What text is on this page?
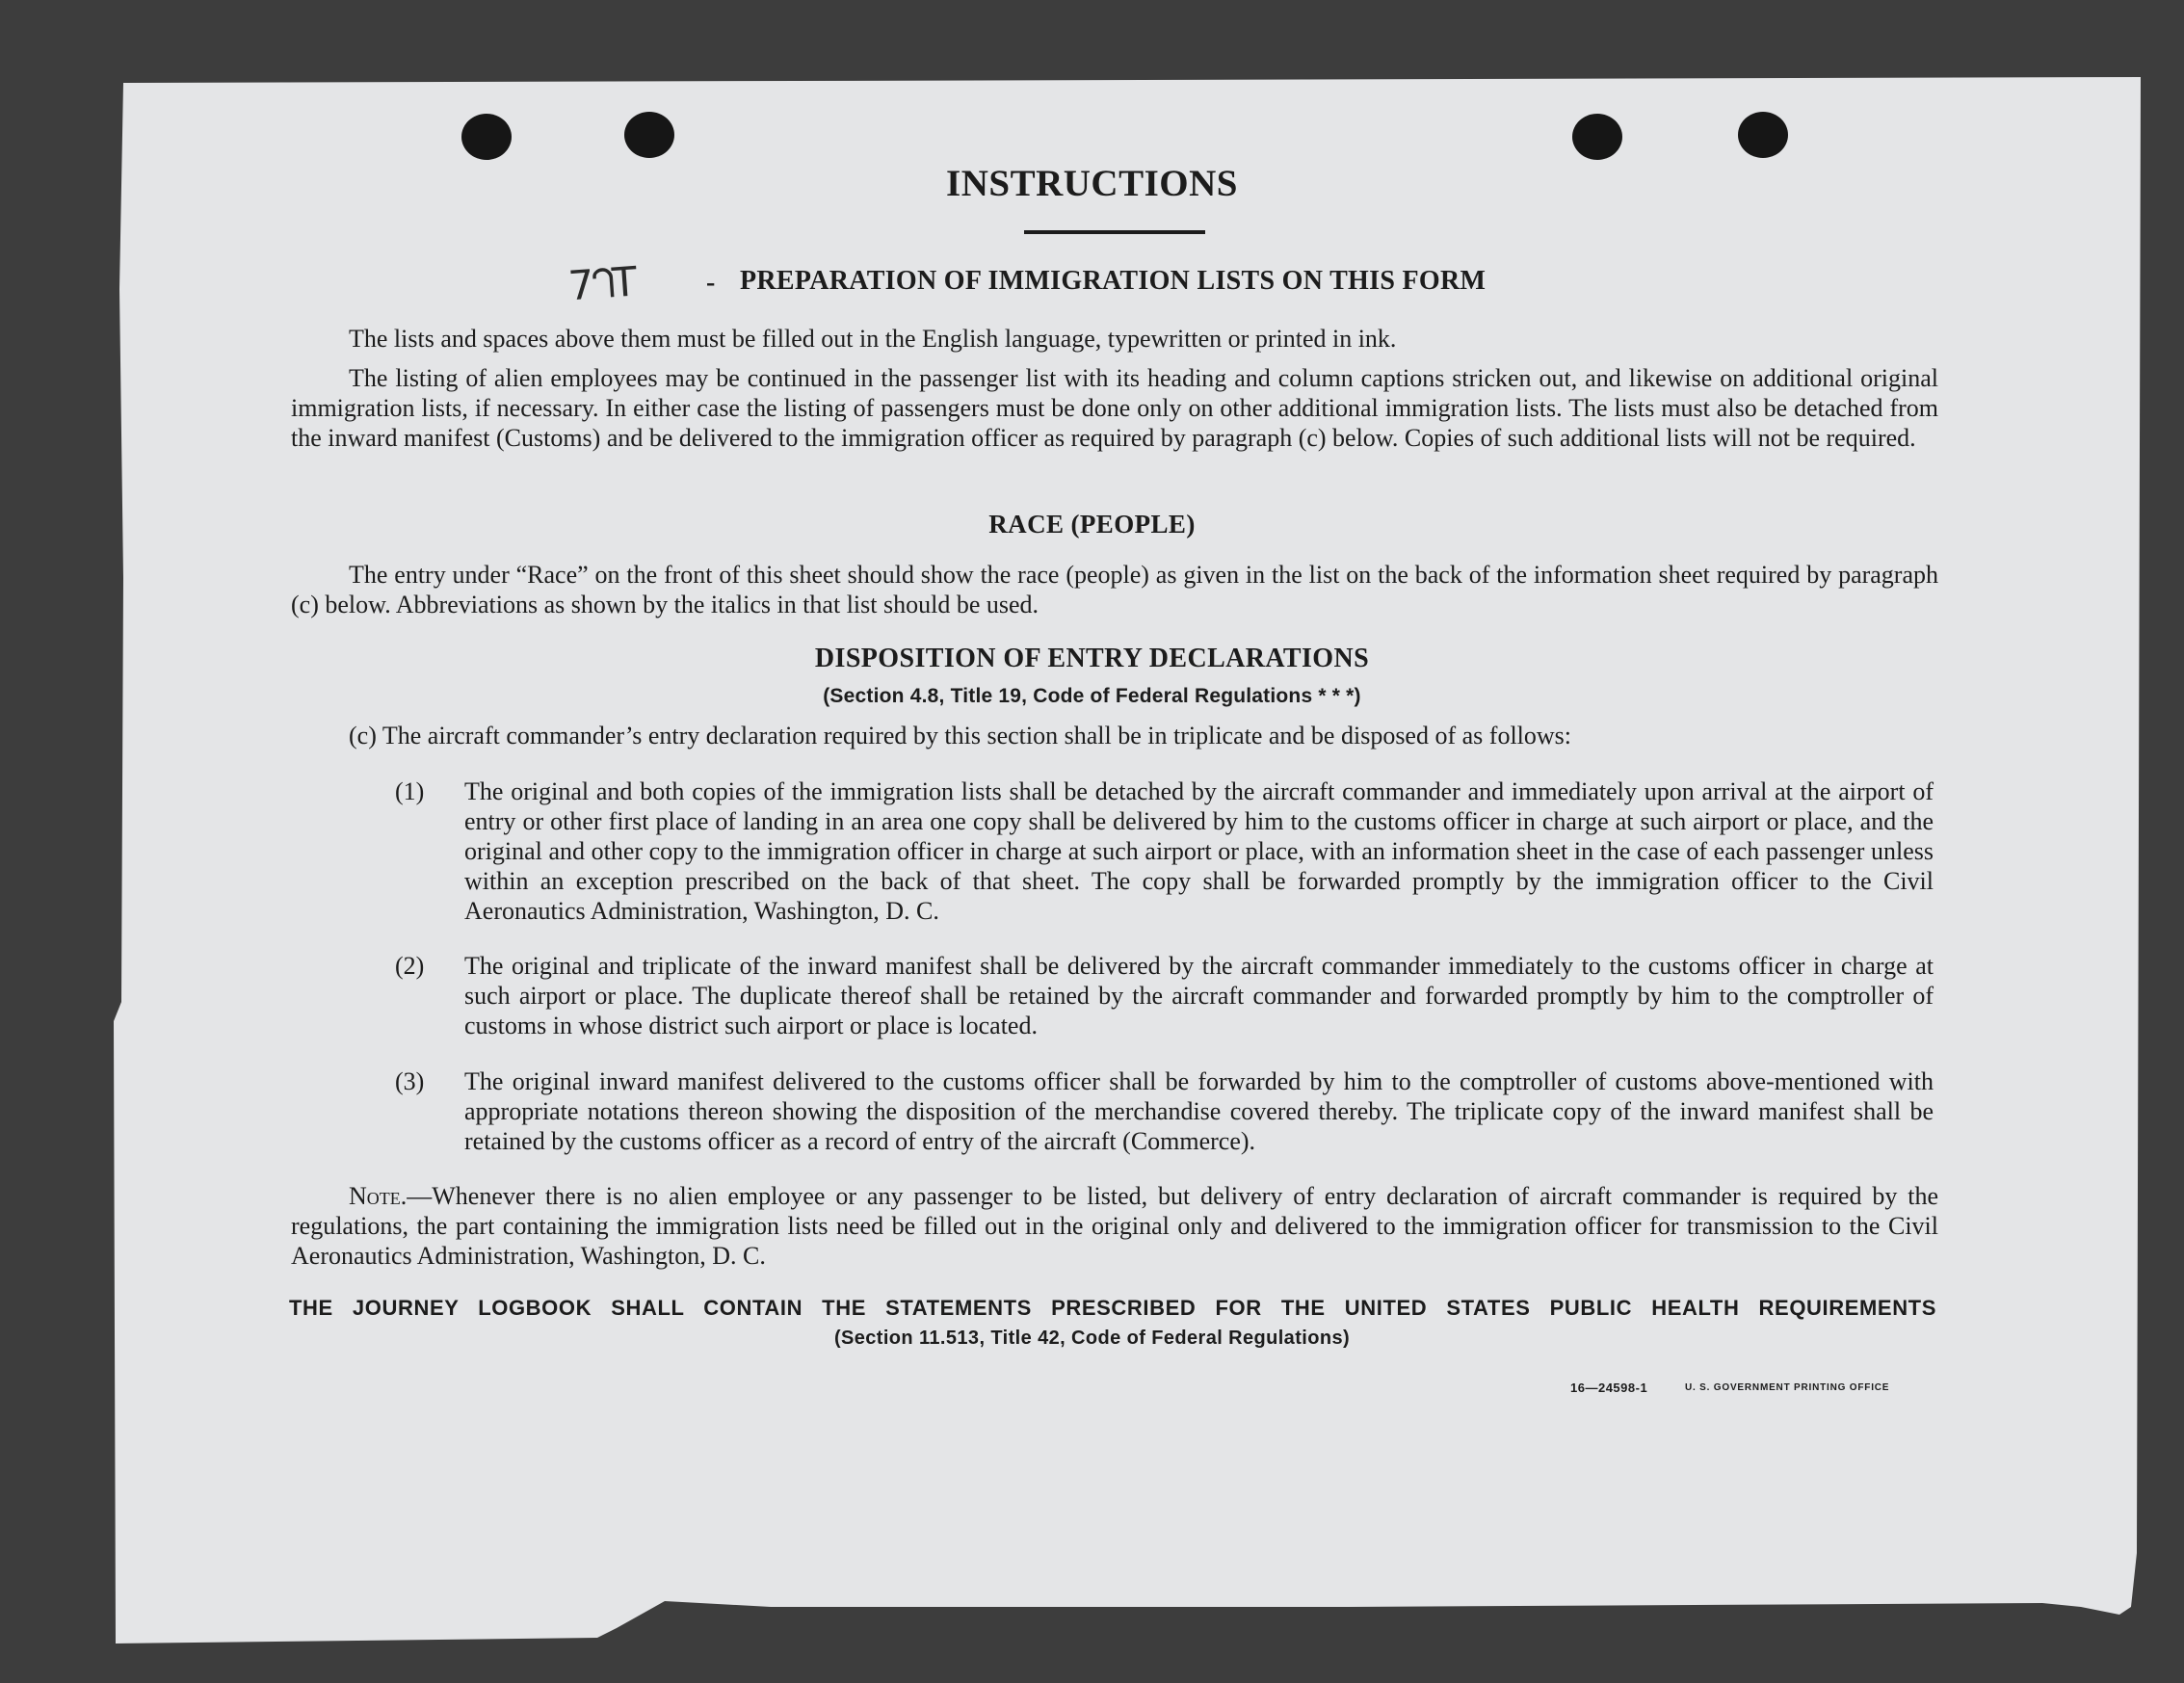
INSTRUCTIONS
7ᘃT	- PREPARATION OF IMMIGRATION LISTS ON THIS FORM
The lists and spaces above them must be filled out in the English language, typewritten or printed in ink.
The listing of alien employees may be continued in the passenger list with its heading and column captions stricken out, and likewise on additional original immigration lists, if necessary. In either case the listing of passengers must be done only on other additional immigration lists. The lists must also be detached from the inward manifest (Customs) and be delivered to the immigration officer as required by paragraph (c) below. Copies of such additional lists will not be required.
RACE (PEOPLE)
The entry under “Race” on the front of this sheet should show the race (people) as given in the list on the back of the information sheet required by paragraph (c) below. Abbreviations as shown by the italics in that list should be used.
DISPOSITION OF ENTRY DECLARATIONS
(Section 4.8, Title 19, Code of Federal Regulations * * *)
(c) The aircraft commander’s entry declaration required by this section shall be in triplicate and be disposed of as follows:
(1) The original and both copies of the immigration lists shall be detached by the aircraft commander and immediately upon arrival at the airport of entry or other first place of landing in an area one copy shall be delivered by him to the customs officer in charge at such airport or place, and the original and other copy to the immigration officer in charge at such airport or place, with an information sheet in the case of each passenger unless within an exception prescribed on the back of that sheet. The copy shall be forwarded promptly by the immigration officer to the Civil Aeronautics Administration, Washington, D. C.
(2) The original and triplicate of the inward manifest shall be delivered by the aircraft commander immediately to the customs officer in charge at such airport or place. The duplicate thereof shall be retained by the aircraft commander and forwarded promptly by him to the comptroller of customs in whose district such airport or place is located.
(3) The original inward manifest delivered to the customs officer shall be forwarded by him to the comptroller of customs above-mentioned with appropriate notations thereon showing the disposition of the merchandise covered thereby. The triplicate copy of the inward manifest shall be retained by the customs officer as a record of entry of the aircraft (Commerce).
Note.—Whenever there is no alien employee or any passenger to be listed, but delivery of entry declaration of aircraft commander is required by the regulations, the part containing the immigration lists need be filled out in the original only and delivered to the immigration officer for transmission to the Civil Aeronautics Administration, Washington, D. C.
THE JOURNEY LOGBOOK SHALL CONTAIN THE STATEMENTS PRESCRIBED FOR THE UNITED STATES PUBLIC HEALTH REQUIREMENTS
(Section 11.513, Title 42, Code of Federal Regulations)
16—24598-1	U. S. GOVERNMENT PRINTING OFFICE
